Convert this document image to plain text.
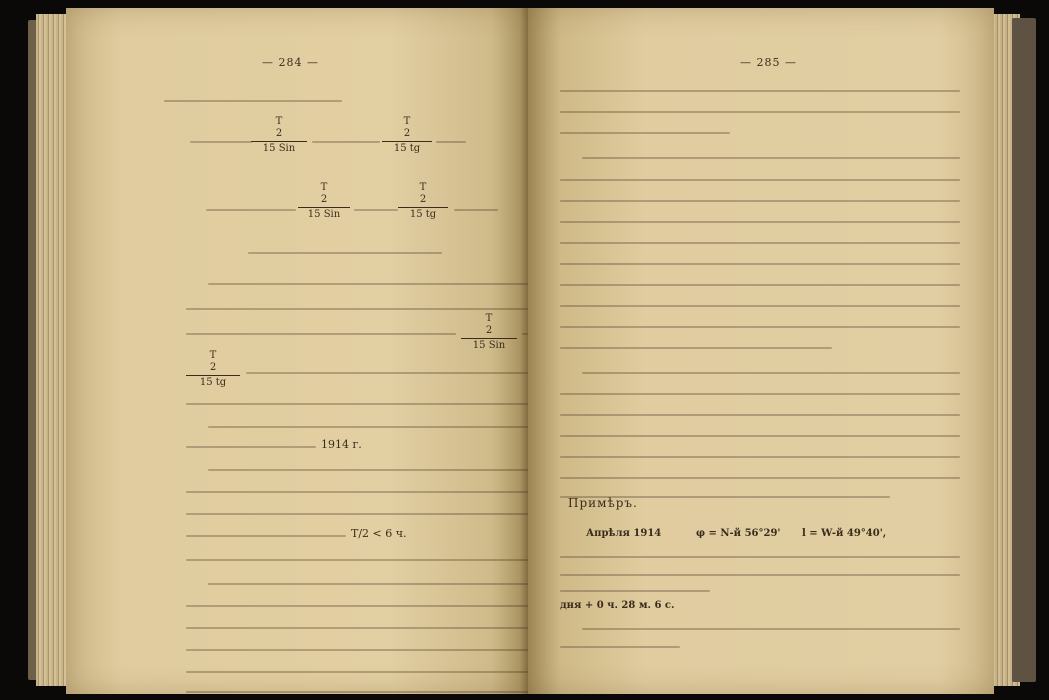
— 284 —
T
2
15 Sin
T
2
15 tg
T
2
15 Sin
T
2
15 tg
T
2
15 Sin
T
2
15 tg
1914 г.
T/2 < 6 ч.
— 285 —
Примѣръ.
Апрѣля 1914	φ = N-й 56°29' l = W-й 49°40',
дня + 0 ч. 28 м. 6 с.
